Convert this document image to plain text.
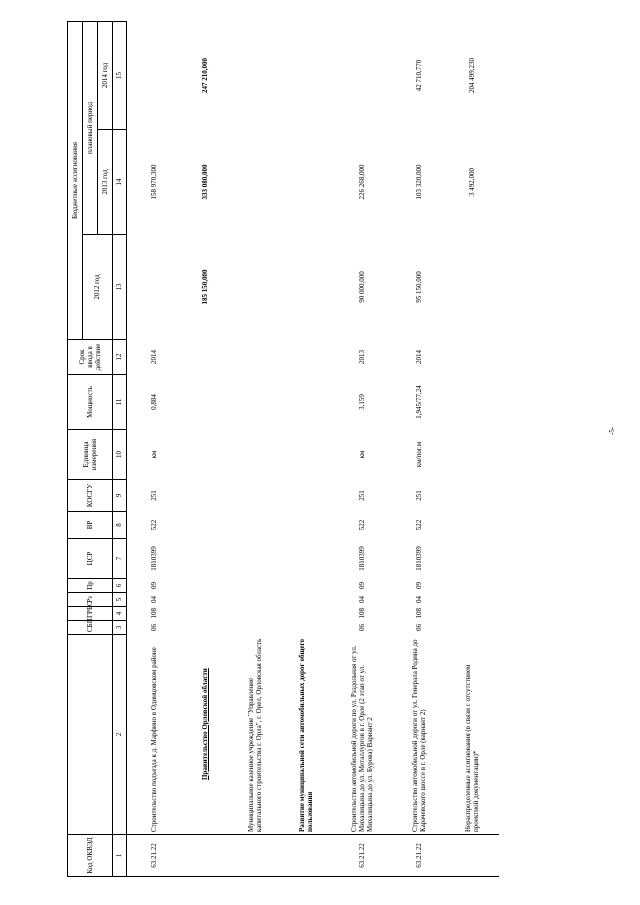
Код ОКВЭД		СБП	ГРБС	Рз	Пр	ЦСР	ВР	КОСГУ	Единица измерения	Мощность	Срок ввода в действие	Бюджетные ассигнования		
												2012 год	плановый период	
													2013 год	2014 год
1	2	3	4	5	6	7	8	9	10	11	12	13	14	15
63.21.22	Строительство подъезда к д. Марфино в Одинцовском районе	06	108	04	09	1810399	522	251	км	0,884	2014		158 970,300	
	Правительство Орловской области											185 150,000	333 080,000	247 210,000
	Муниципальное казенное учреждение "Управление капитального строительства г. Орла", г. Орел, Орловская область													
	Развитие муниципальной сети автомобильных дорог общего пользования													
63.21.22	Строительство автомобильной дороги по ул. Раздольная от ул. Михалицына до ул. Металлургов в г. Орле (2 этап от ул. Михалицына до ул. Бурова) Вариант 2	06	108	04	09	1810399	522	251	км	3,159	2013	90 000,000	226 268,000	
63.21.22	Строительство автомобильной дороги от ул. Генерала Родина до Карачевского шоссе в г. Орле (вариант 2)	06	108	04	09	1810399	522	251	км/пог.м	1,945/77,24	2014	95 150,000	103 320,000	42 710,770
	Нераспределенные ассигнования (в связи с отсутствием проектной документации)*												3 492,000	204 499,230
-5-
